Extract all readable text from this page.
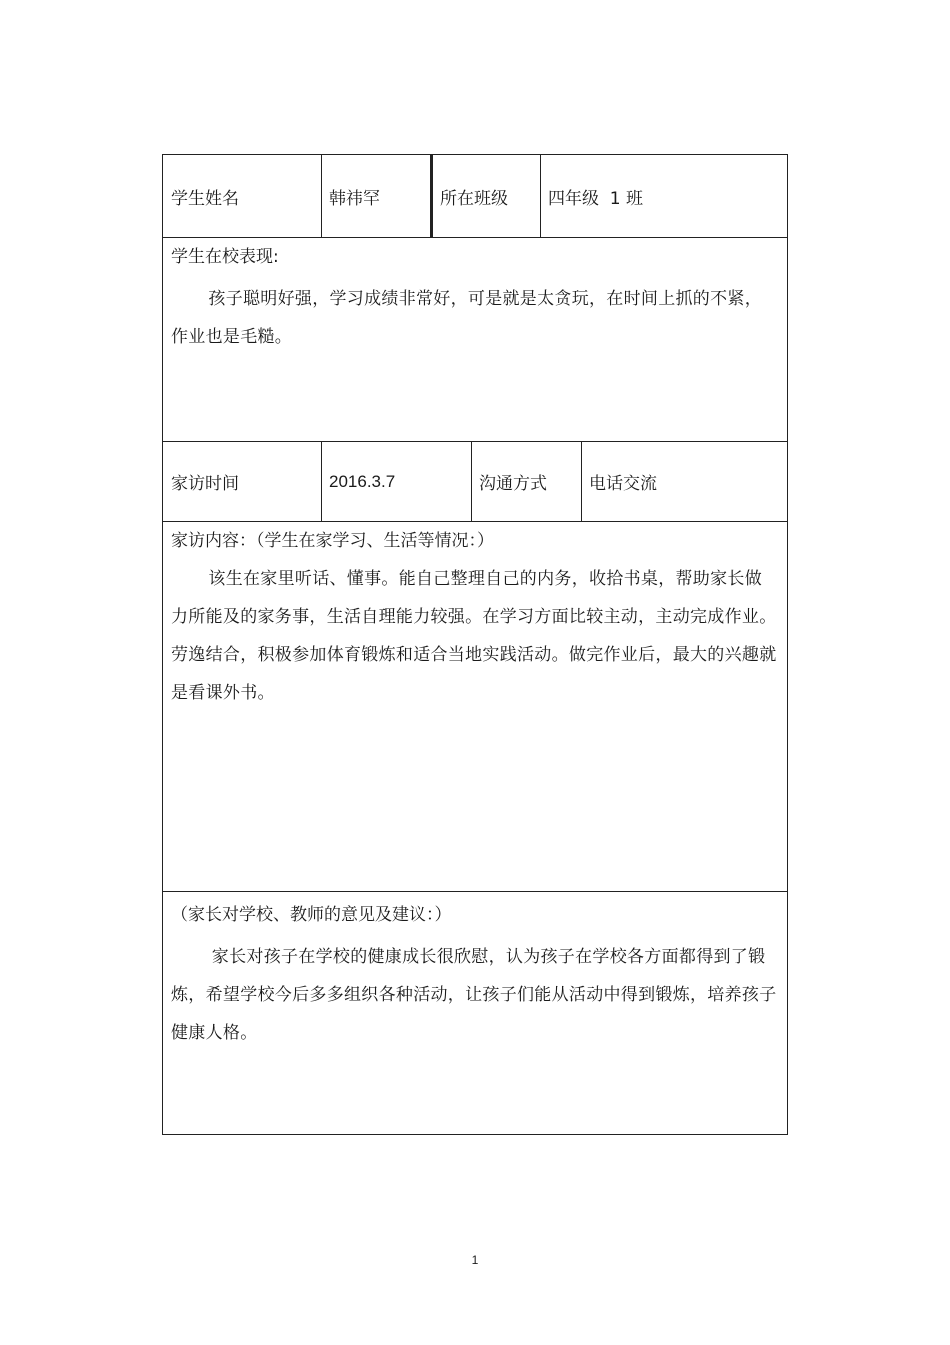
学生姓名	韩祎罕	所在班级	四年级  1 班
学生在校表现:
孩子聪明好强，学习成绩非常好，可是就是太贪玩，在时间上抓的不紧，作业也是毛糙。
家访时间	2016.3.7	沟通方式	电话交流
家访内容：（学生在家学习、生活等情况：）
该生在家里听话、懂事。能自己整理自己的内务，收拾书桌，帮助家长做力所能及的家务事，生活自理能力较强。在学习方面比较主动，主动完成作业。劳逸结合，积极参加体育锻炼和适合当地实践活动。做完作业后，最大的兴趣就是看课外书。
（家长对学校、教师的意见及建议：）
家长对孩子在学校的健康成长很欣慰，认为孩子在学校各方面都得到了锻炼，希望学校今后多多组织各种活动，让孩子们能从活动中得到锻炼，培养孩子健康人格。
1
